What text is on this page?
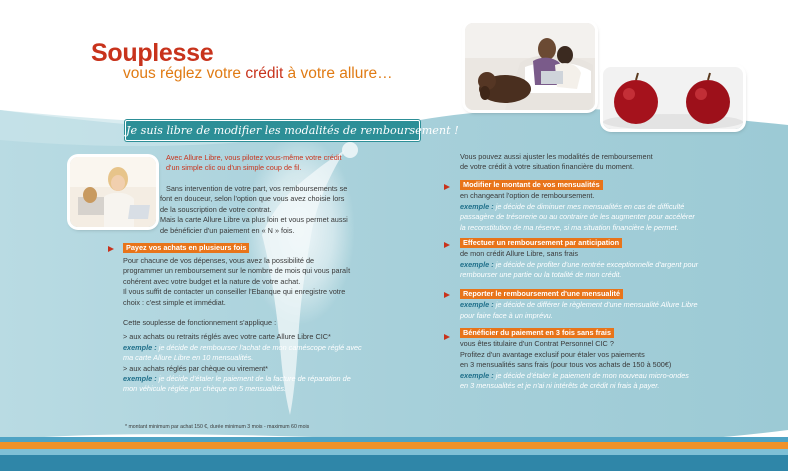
Souplesse
vous réglez votre crédit à votre allure…
Je suis libre de modifier les modalités de remboursement !
Avec Allure Libre, vous pilotez vous-même votre crédit
d'un simple clic ou d'un simple coup de fil.
Sans intervention de votre part, vos remboursements se
font en douceur, selon l'option que vous avez choisie lors
de la souscription de votre contrat.
Mais la carte Allure Libre va plus loin et vous permet aussi
de bénéficier d'un paiement en « N » fois.
Payez vos achats en plusieurs fois
Pour chacune de vos dépenses, vous avez la possibilité de
programmer un remboursement sur le nombre de mois qui vous paraît
cohérent avec votre budget et la nature de votre achat.
Il vous suffit de contacter un conseiller l'Ebanque qui enregistre votre
choix : c'est simple et immédiat.
Cette souplesse de fonctionnement s'applique :
> aux achats ou retraits réglés avec votre carte Allure Libre CIC*
exemple : je décide de rembourser l'achat de mon caméscope réglé avec
ma carte Allure Libre en 10 mensualités.
> aux achats réglés par chèque ou virement*
exemple : je décide d'étaler le paiement de la facture de réparation de
mon véhicule réglée par chèque en 5 mensualités.
* montant minimum par achat 150 €, durée minimum 3 mois - maximum 60 mois
Vous pouvez aussi ajuster les modalités de remboursement
de votre crédit à votre situation financière du moment.
Modifier le montant de vos mensualités
en changeant l'option de remboursement.
exemple : je décide de diminuer mes mensualités en cas de difficulté
passagère de trésorerie ou au contraire de les augmenter pour accélérer
la reconstitution de ma réserve, si ma situation financière le permet.
Effectuer un remboursement par anticipation
de mon crédit Allure Libre, sans frais
exemple : je décide de profiter d'une rentrée exceptionnelle d'argent pour
rembourser une partie ou la totalité de mon crédit.
Reporter le remboursement d'une mensualité
exemple : je décide de différer le règlement d'une mensualité Allure Libre
pour faire face à un imprévu.
Bénéficier du paiement en 3 fois sans frais
vous êtes titulaire d'un Contrat Personnel CIC ?
Profitez d'un avantage exclusif pour étaler vos paiements
en 3 mensualités sans frais (pour tous vos achats de 150 à 500€)
exemple : je décide d'étaler le paiement de mon nouveau micro-ondes
en 3 mensualités et je n'ai ni intérêts de crédit ni frais à payer.
